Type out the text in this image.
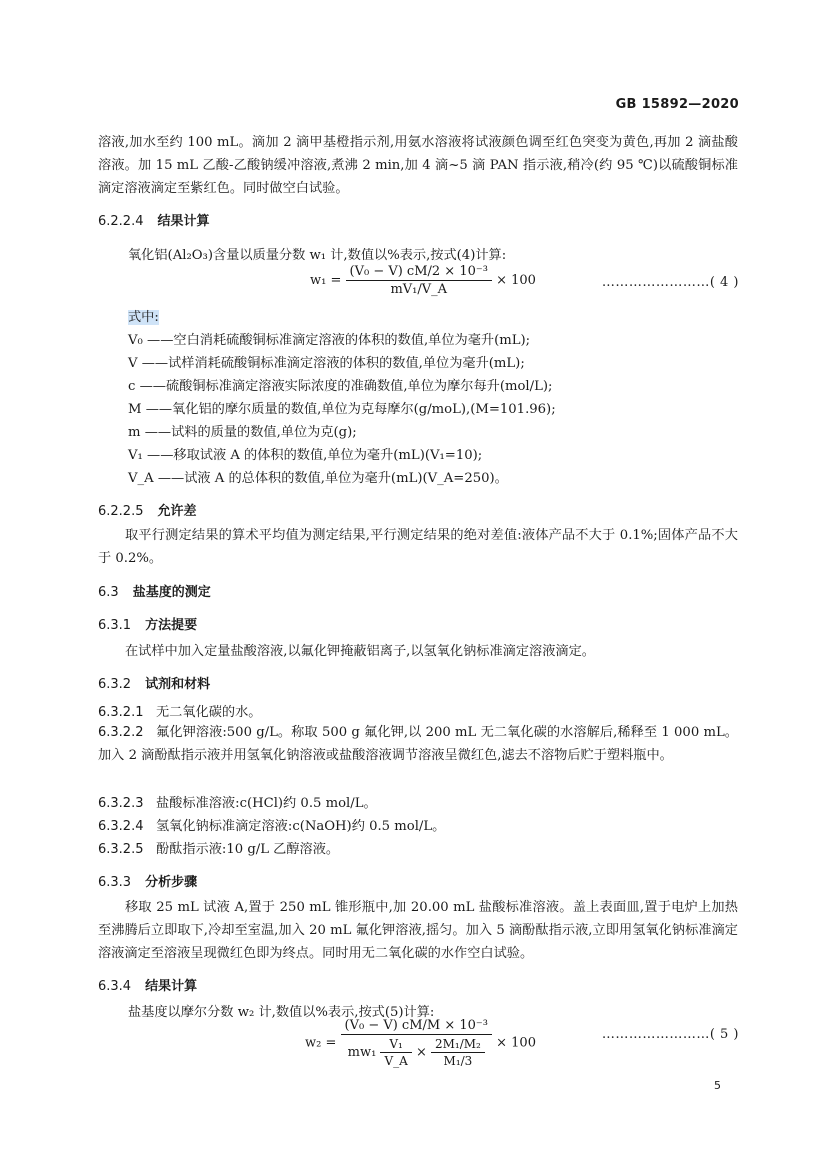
GB 15892—2020
溶液,加水至约 100 mL。滴加 2 滴甲基橙指示剂,用氨水溶液将试液颜色调至红色突变为黄色,再加 2 滴盐酸溶液。加 15 mL 乙酸-乙酸钠缓冲溶液,煮沸 2 min,加 4 滴~5 滴 PAN 指示液,稍冷(约 95 ℃)以硫酸铜标准滴定溶液滴定至紫红色。同时做空白试验。
6.2.2.4 结果计算
氧化铝(Al₂O₃)含量以质量分数 w₁ 计,数值以%表示,按式(4)计算:
$w_1 = \frac{\text{(V₀ − V) cM/2 × 10⁻³}}{\text{mV₁/V\_A}} \times 100$	……………………( 4 )
式中:
V₀ ——空白消耗硫酸铜标准滴定溶液的体积的数值,单位为毫升(mL);
V ——试样消耗硫酸铜标准滴定溶液的体积的数值,单位为毫升(mL);
c ——硫酸铜标准滴定溶液实际浓度的准确数值,单位为摩尔每升(mol/L);
M ——氧化铝的摩尔质量的数值,单位为克每摩尔(g/moL),(M=101.96);
m ——试料的质量的数值,单位为克(g);
V₁ ——移取试液 A 的体积的数值,单位为毫升(mL)(V₁=10);
V_A ——试液 A 的总体积的数值,单位为毫升(mL)(V_A=250)。
6.2.2.5 允许差
取平行测定结果的算术平均值为测定结果,平行测定结果的绝对差值:液体产品不大于 0.1%;固体产品不大于 0.2%。
6.3 盐基度的测定
6.3.1 方法提要
在试样中加入定量盐酸溶液,以氟化钾掩蔽铝离子,以氢氧化钠标准滴定溶液滴定。
6.3.2 试剂和材料
6.3.2.1 无二氧化碳的水。
6.3.2.2 氟化钾溶液:500 g/L。称取 500 g 氟化钾,以 200 mL 无二氧化碳的水溶解后,稀释至 1 000 mL。加入 2 滴酚酞指示液并用氢氧化钠溶液或盐酸溶液调节溶液呈微红色,滤去不溶物后贮于塑料瓶中。
6.3.2.3 盐酸标准溶液:c(HCl)约 0.5 mol/L。
6.3.2.4 氢氧化钠标准滴定溶液:c(NaOH)约 0.5 mol/L。
6.3.2.5 酚酞指示液:10 g/L 乙醇溶液。
6.3.3 分析步骤
移取 25 mL 试液 A,置于 250 mL 锥形瓶中,加 20.00 mL 盐酸标准溶液。盖上表面皿,置于电炉上加热至沸腾后立即取下,冷却至室温,加入 20 mL 氟化钾溶液,摇匀。加入 5 滴酚酞指示液,立即用氢氧化钠标准滴定溶液滴定至溶液呈现微红色即为终点。同时用无二氧化碳的水作空白试验。
6.3.4 结果计算
盐基度以摩尔分数 w₂ 计,数值以%表示,按式(5)计算:
w₂ =
(V₀ − V) cM/M × 10⁻³
$mw_1 \frac{\text{V₁}}{V\_A} \times \frac{\text{2M₁/M₂}}{\text{M₁/3}} \times 100$
……………………( 5 )
5
